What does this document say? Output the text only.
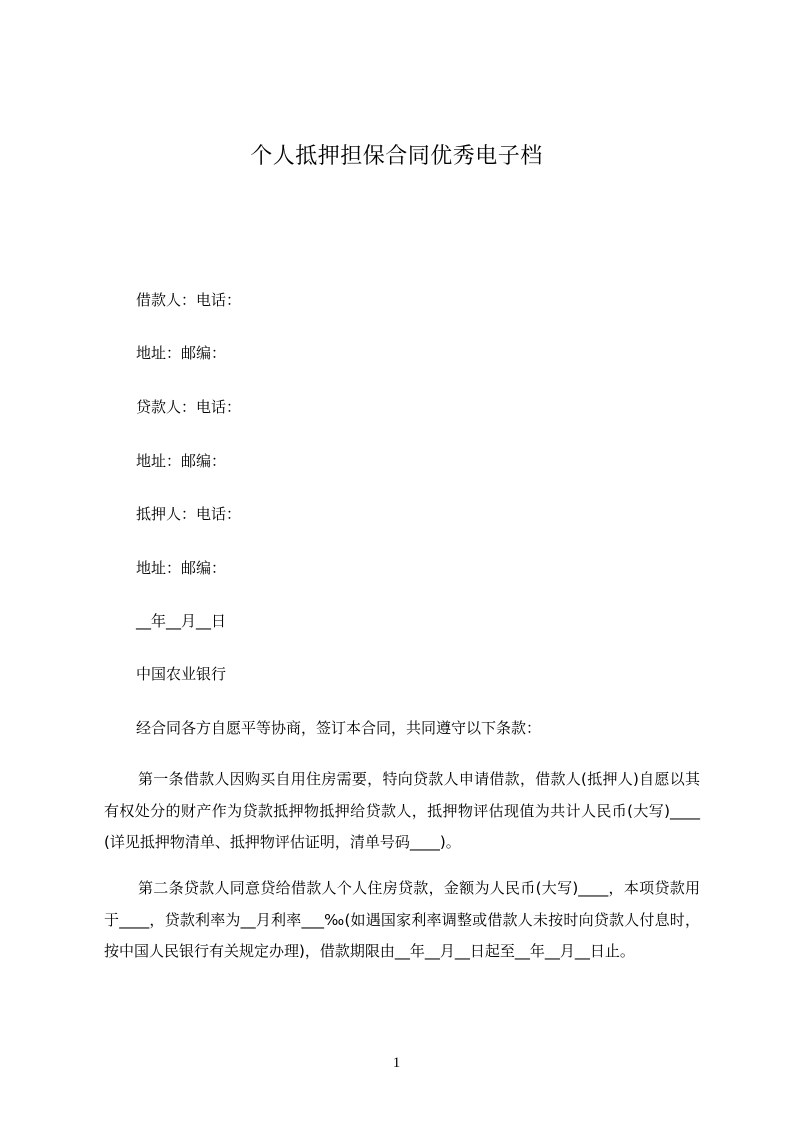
个人抵押担保合同优秀电子档
借款人：电话：
地址：邮编：
贷款人：电话：
地址：邮编：
抵押人：电话：
地址：邮编：
__年__月__日
中国农业银行
经合同各方自愿平等协商，签订本合同，共同遵守以下条款：
第一条借款人因购买自用住房需要，特向贷款人申请借款，借款人(抵押人)自愿以其有权处分的财产作为贷款抵押物抵押给贷款人，抵押物评估现值为共计人民币(大写)____(详见抵押物清单、抵押物评估证明，清单号码____)。
第二条贷款人同意贷给借款人个人住房贷款，金额为人民币(大写)____，本项贷款用于____，贷款利率为__月利率___‰(如遇国家利率调整或借款人未按时向贷款人付息时，按中国人民银行有关规定办理)，借款期限由__年__月__日起至__年__月__日止。
1
